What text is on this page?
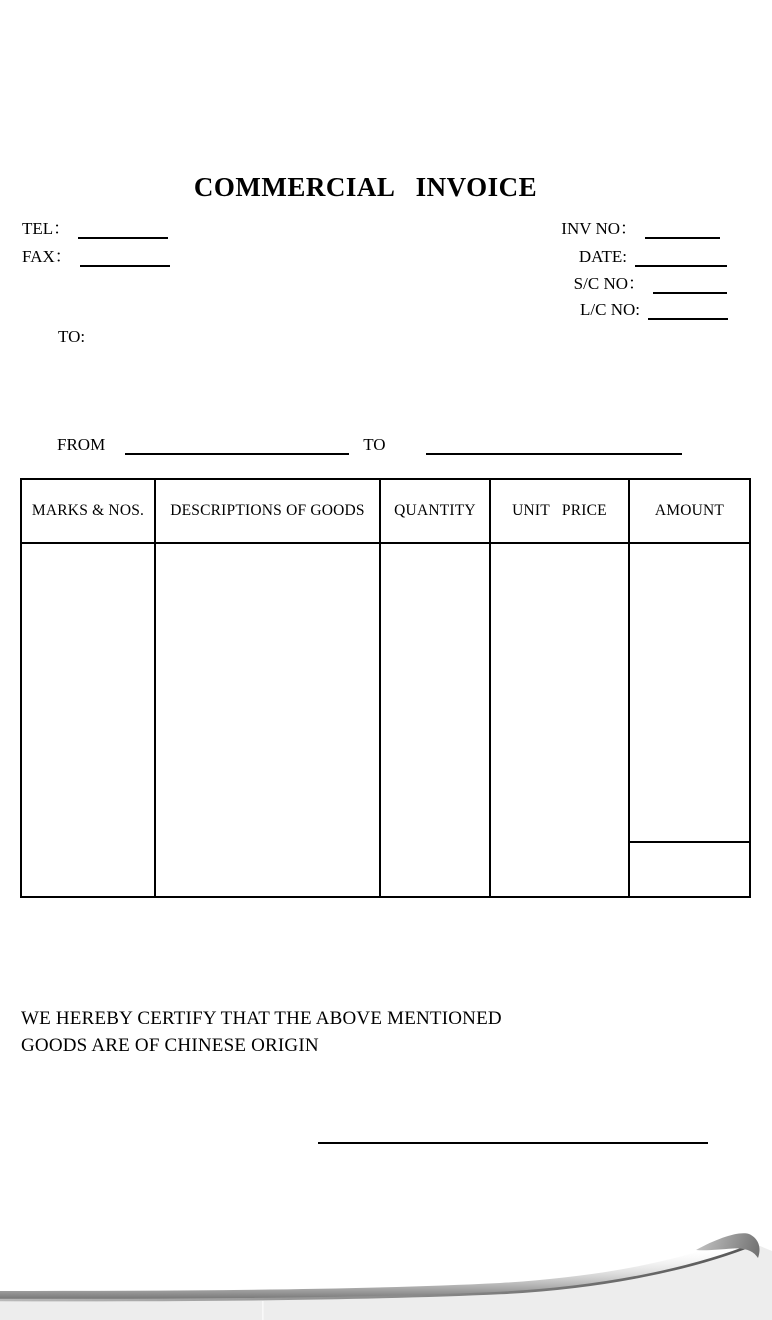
COMMERCIAL   INVOICE
TEL：
FAX：
INV NO：
DATE:
S/C NO：
L/C NO:
TO:
FROM	TO
MARKS & NOS.	DESCRIPTIONS OF GOODS	QUANTITY	UNIT   PRICE	AMOUNT
WE HEREBY CERTIFY THAT THE ABOVE MENTIONED
GOODS ARE OF CHINESE ORIGIN
